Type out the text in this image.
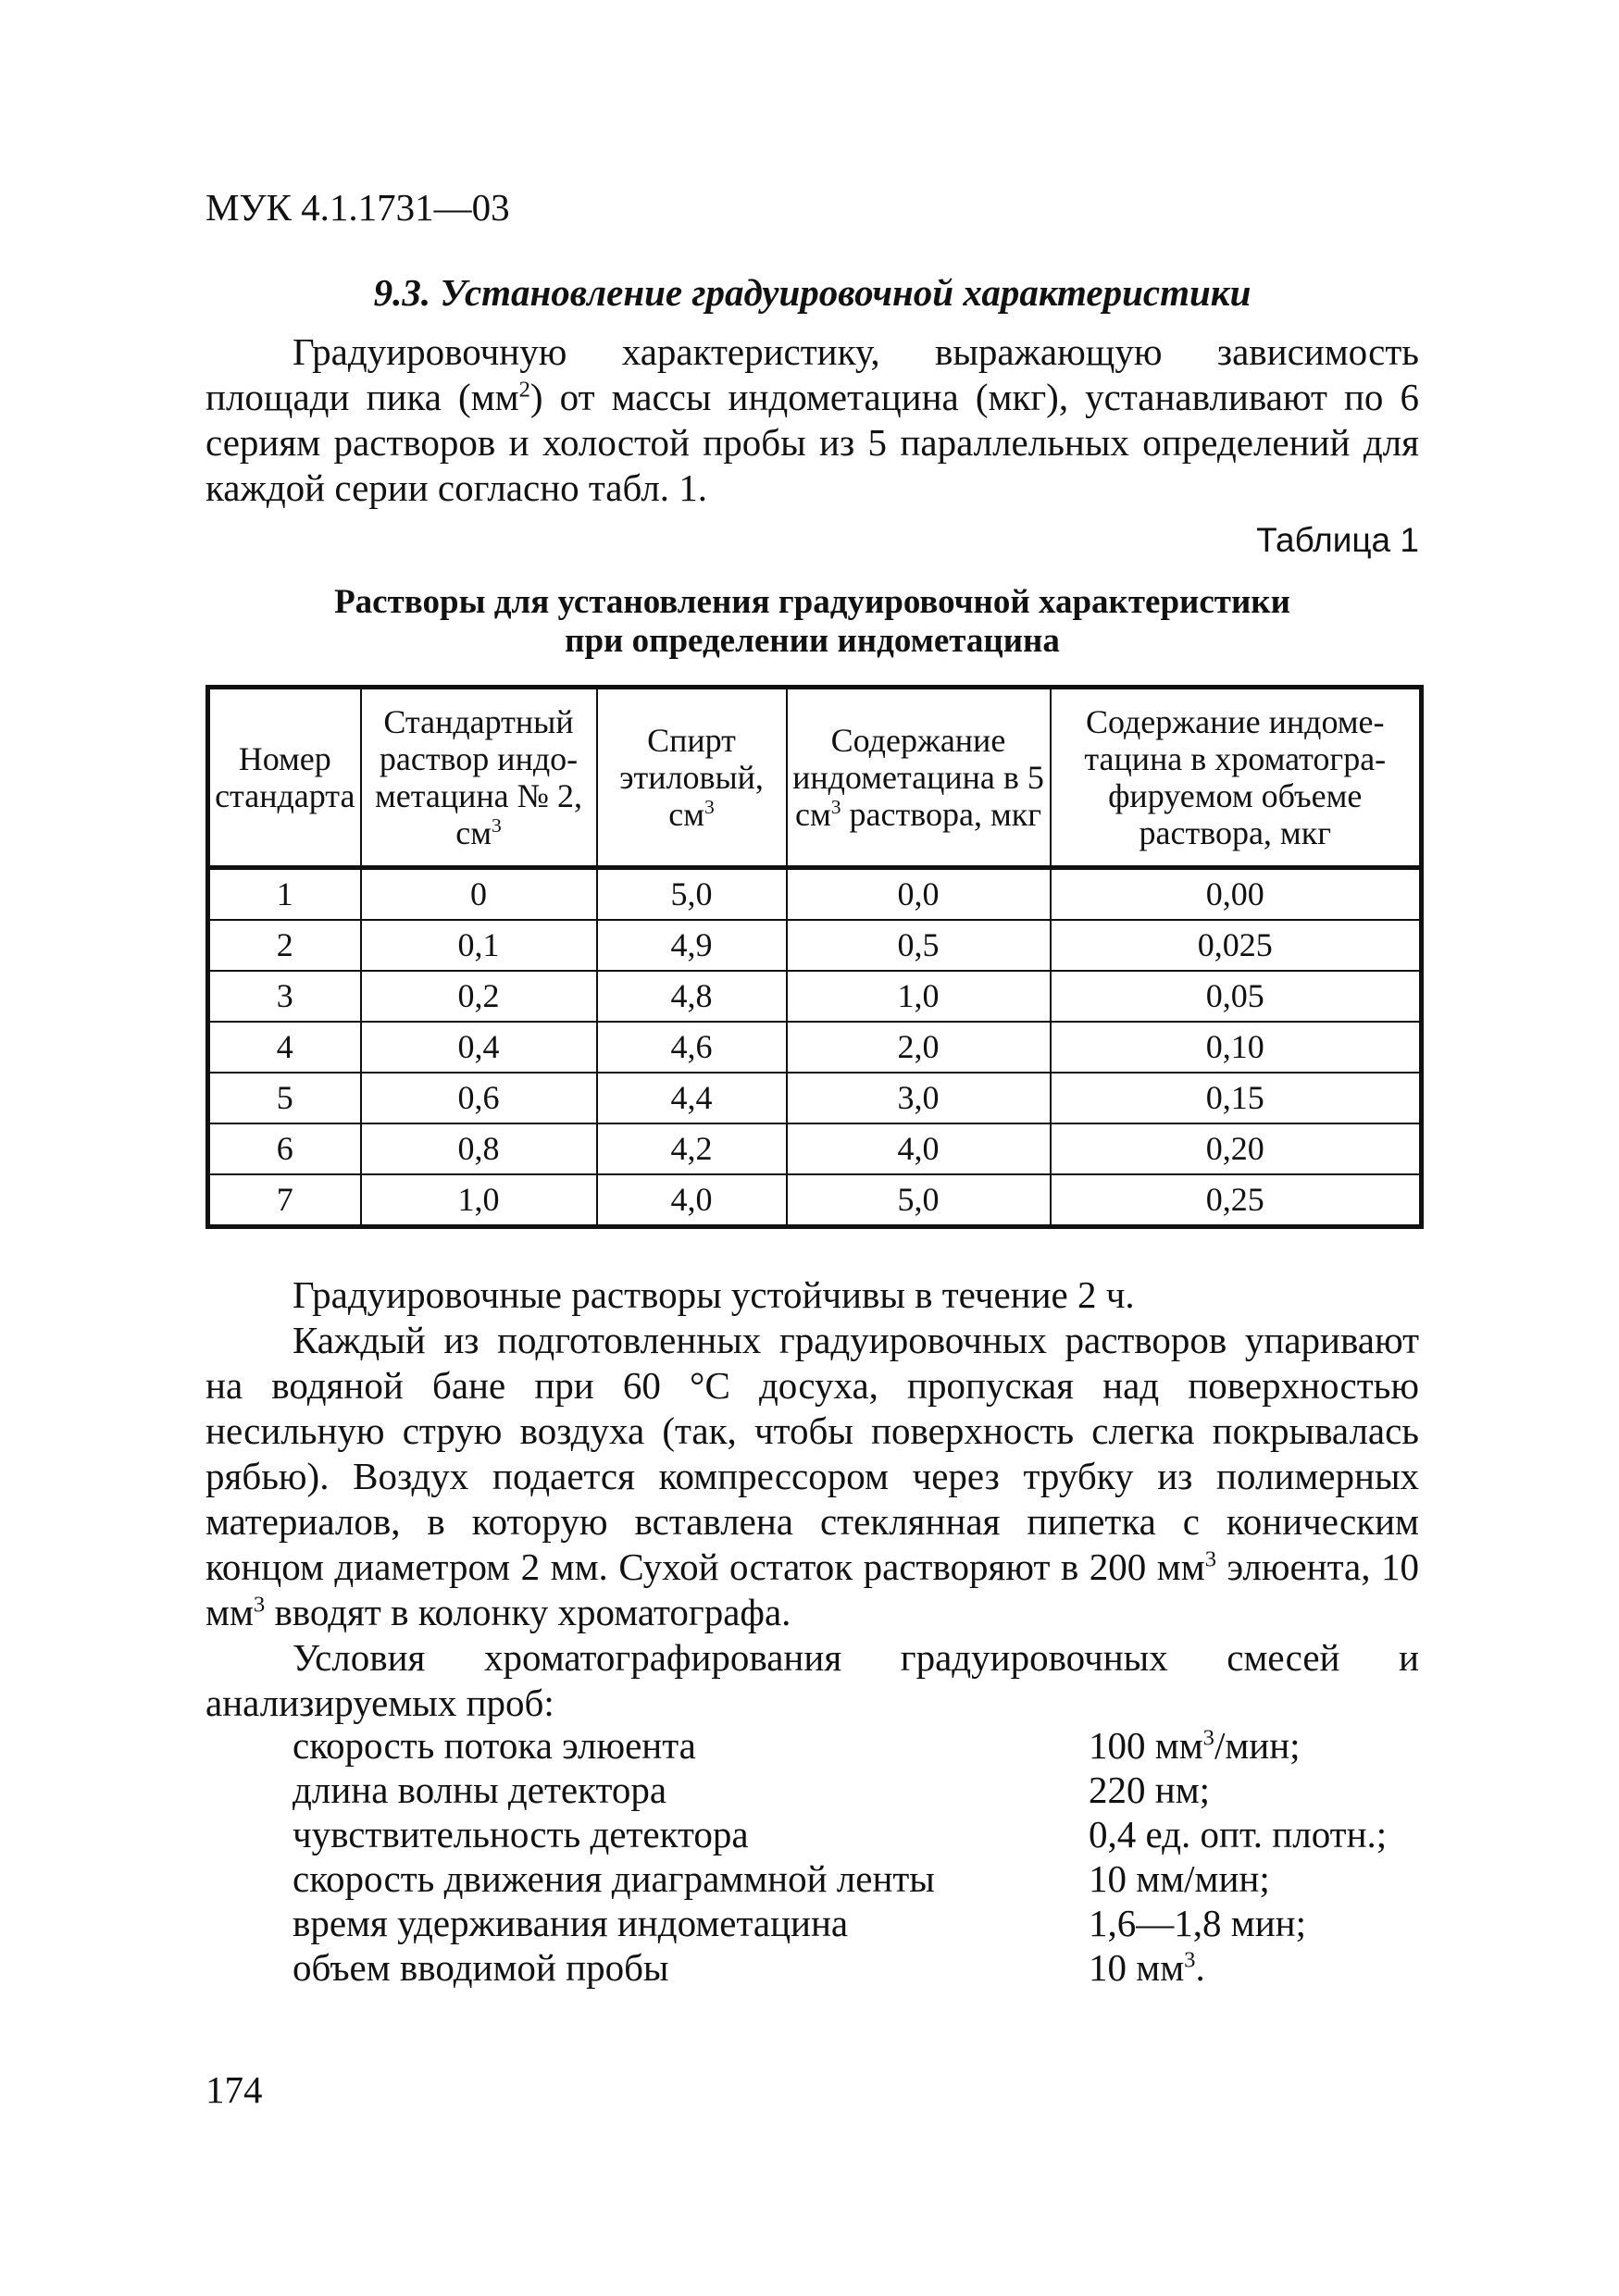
МУК 4.1.1731—03
9.3. Установление градуировочной характеристики
Градуировочную характеристику, выражающую зависимость площади пика $(мм^2)$ от массы индометацина (мкг), устанавливают по 6 сериям растворов и холостой пробы из 5 параллельных определений для каждой серии согласно табл. 1.
Таблица 1
Растворы для установления градуировочной характеристики
при определении индометацина
Номер стандарта	Стандартный раствор индо-метацина № 2, $см^3$	Спирт этиловый, $см^3$	Содержание индометацина в 5 $см^3$ раствора, мкг	Содержание индоме-тацина в хроматогра-фируемом объеме раствора, мкг
1	0	5,0	0,0	0,00
2	0,1	4,9	0,5	0,025
3	0,2	4,8	1,0	0,05
4	0,4	4,6	2,0	0,10
5	0,6	4,4	3,0	0,15
6	0,8	4,2	4,0	0,20
7	1,0	4,0	5,0	0,25
Градуировочные растворы устойчивы в течение 2 ч.
Каждый из подготовленных градуировочных растворов упаривают на водяной бане при 60 °С досуха, пропуская над поверхностью несильную струю воздуха (так, чтобы поверхность слегка покрывалась рябью). Воздух подается компрессором через трубку из полимерных материалов, в которую вставлена стеклянная пипетка с коническим концом диаметром 2 мм. Сухой остаток растворяют в 200 $мм^3$ элюента, 10 $мм^3$ вводят в колонку хроматографа.
Условия хроматографирования градуировочных смесей и анализируемых проб:
скорость потока элюента	100 $мм^3$/мин;
длина волны детектора	220 нм;
чувствительность детектора	0,4 ед. опт. плотн.;
скорость движения диаграммной ленты	10 мм/мин;
время удерживания индометацина	1,6—1,8 мин;
объем вводимой пробы	10 $мм^3$.
174
